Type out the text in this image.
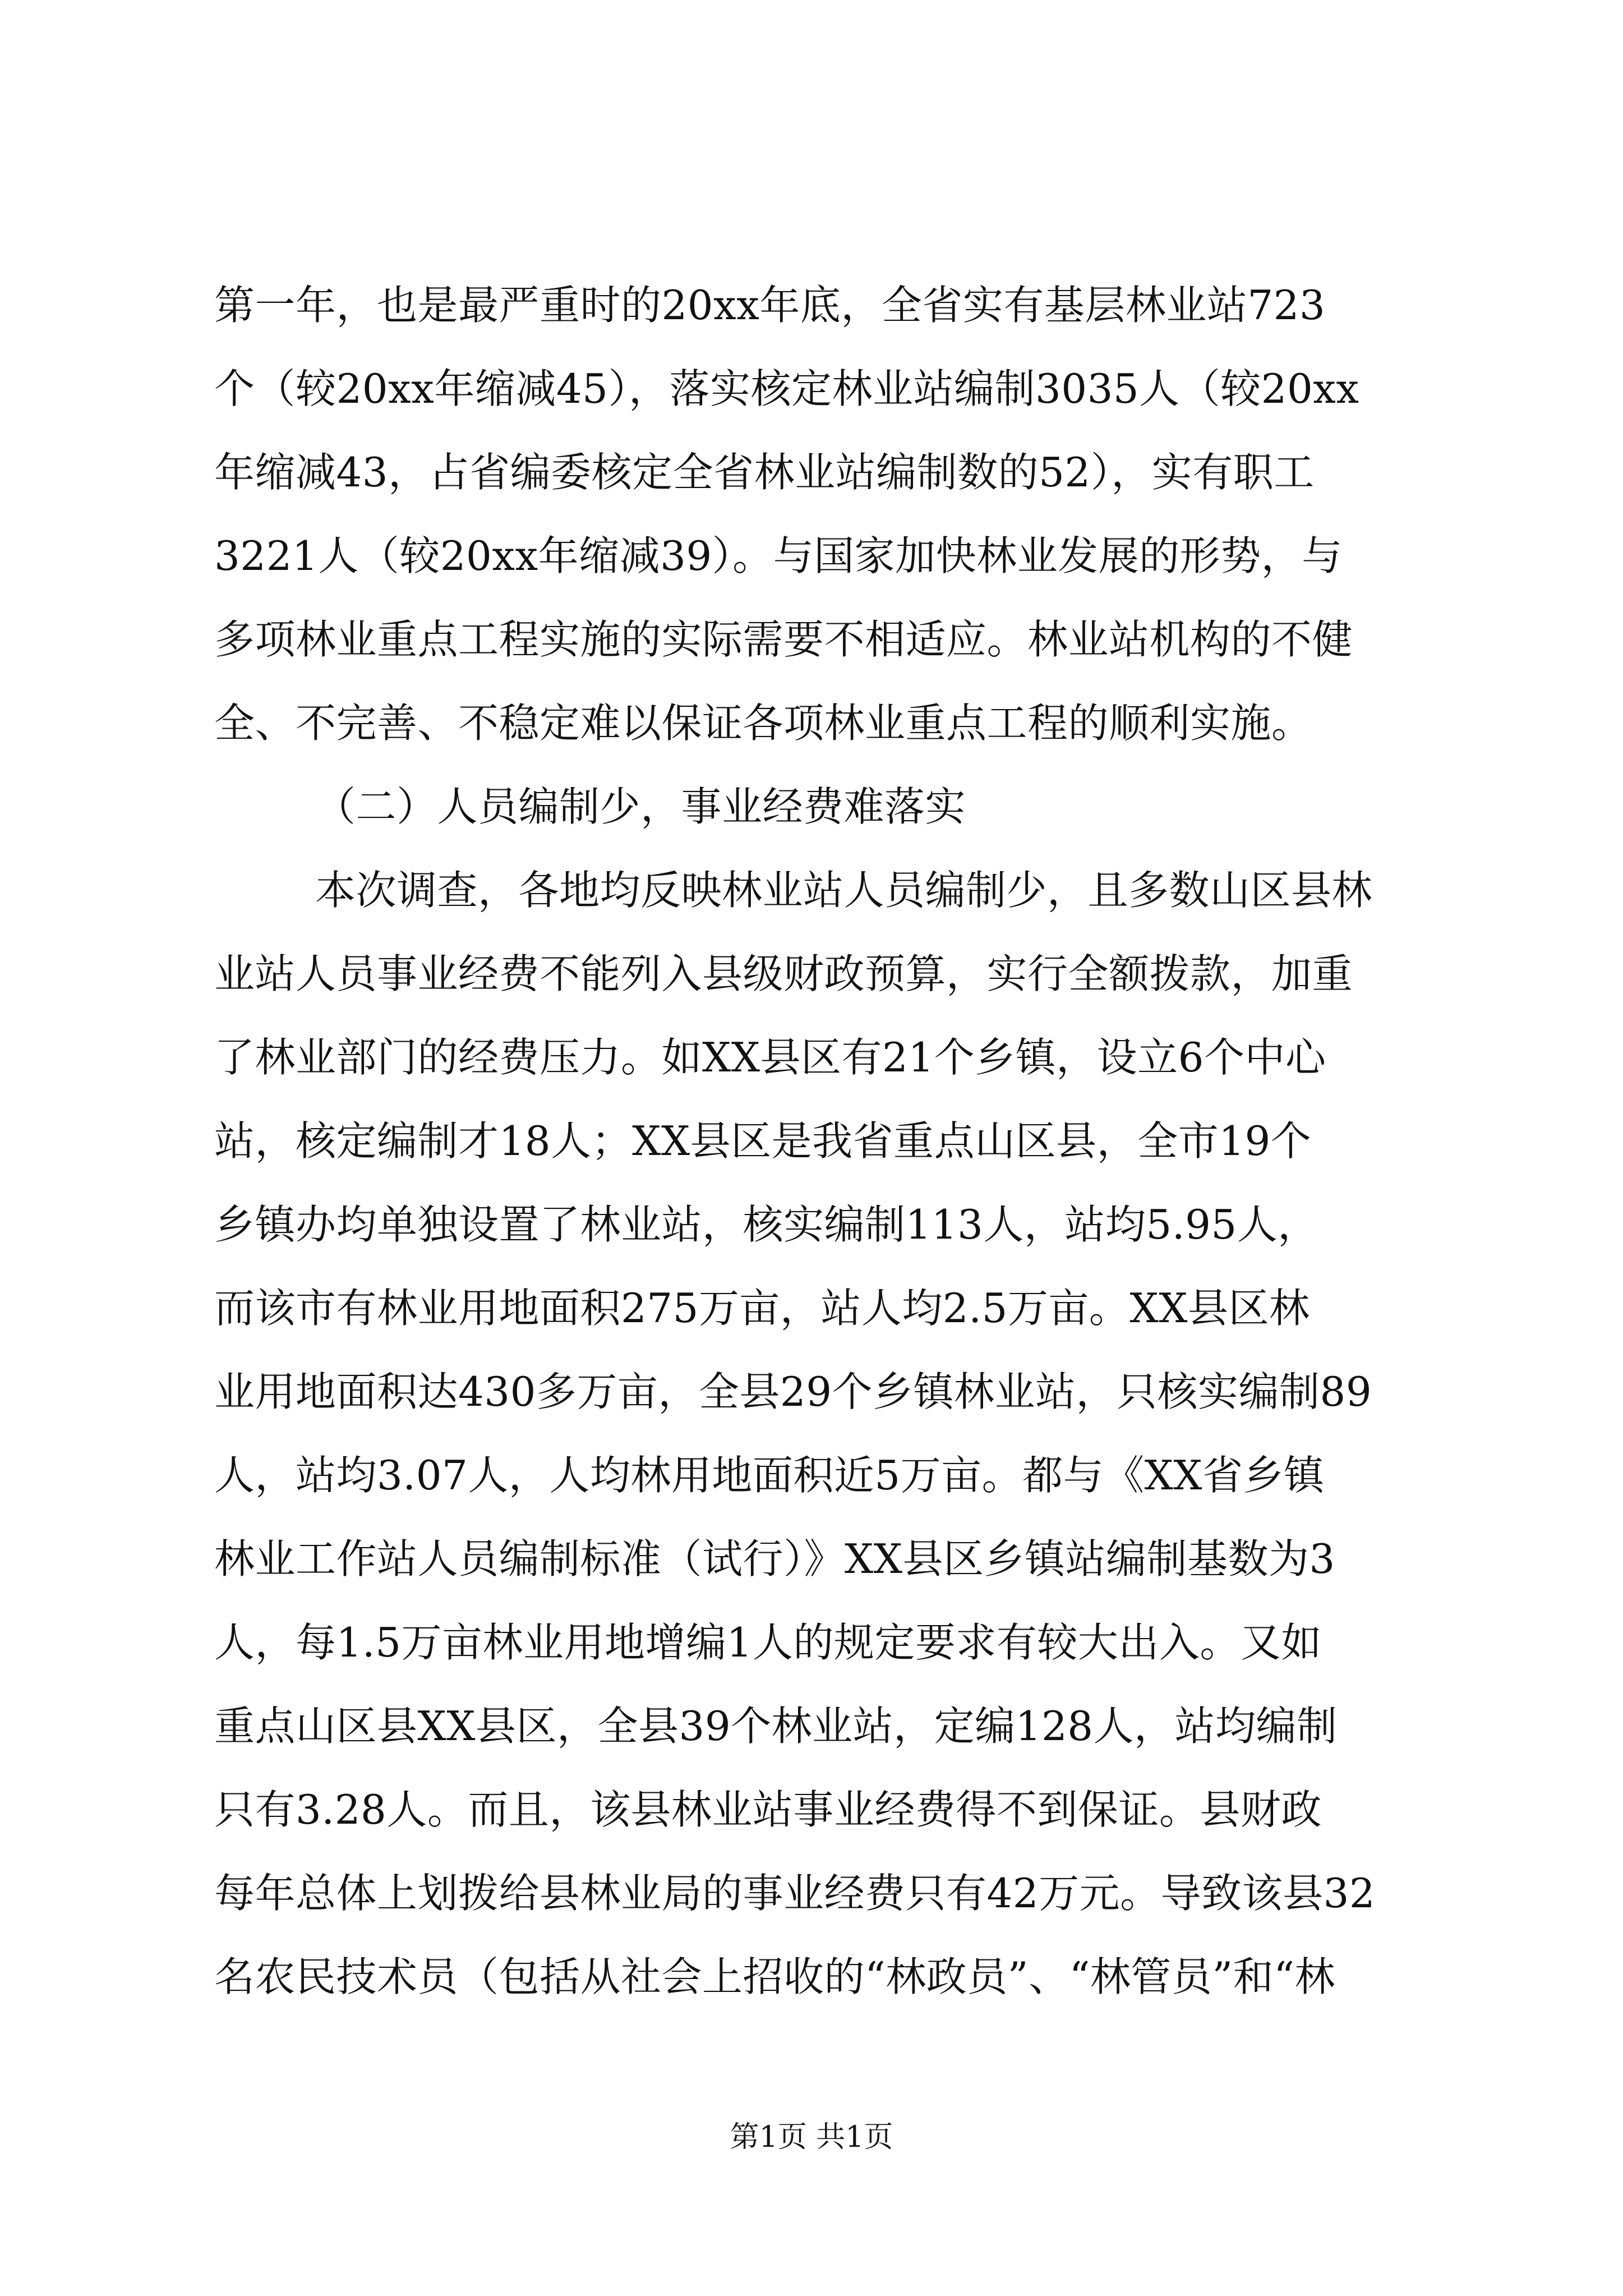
第一年，也是最严重时的20xx年底，全省实有基层林业站723
个（较20xx年缩减45），落实核定林业站编制3035人（较20xx
年缩减43，占省编委核定全省林业站编制数的52），实有职工
3221人（较20xx年缩减39）。与国家加快林业发展的形势，与
多项林业重点工程实施的实际需要不相适应。林业站机构的不健
全、不完善、不稳定难以保证各项林业重点工程的顺利实施。
（二）人员编制少，事业经费难落实
本次调查，各地均反映林业站人员编制少，且多数山区县林
业站人员事业经费不能列入县级财政预算，实行全额拨款，加重
了林业部门的经费压力。如XX县区有21个乡镇，设立6个中心
站，核定编制才18人；XX县区是我省重点山区县，全市19个
乡镇办均单独设置了林业站，核实编制113人，站均5.95人，
而该市有林业用地面积275万亩，站人均2.5万亩。XX县区林
业用地面积达430多万亩，全县29个乡镇林业站，只核实编制89
人，站均3.07人，人均林用地面积近5万亩。都与《XX省乡镇
林业工作站人员编制标准（试行）》XX县区乡镇站编制基数为3
人，每1.5万亩林业用地增编1人的规定要求有较大出入。又如
重点山区县XX县区，全县39个林业站，定编128人，站均编制
只有3.28人。而且，该县林业站事业经费得不到保证。县财政
每年总体上划拨给县林业局的事业经费只有42万元。导致该县32
名农民技术员（包括从社会上招收的“林政员”、“林管员”和“林
第1页 共1页
